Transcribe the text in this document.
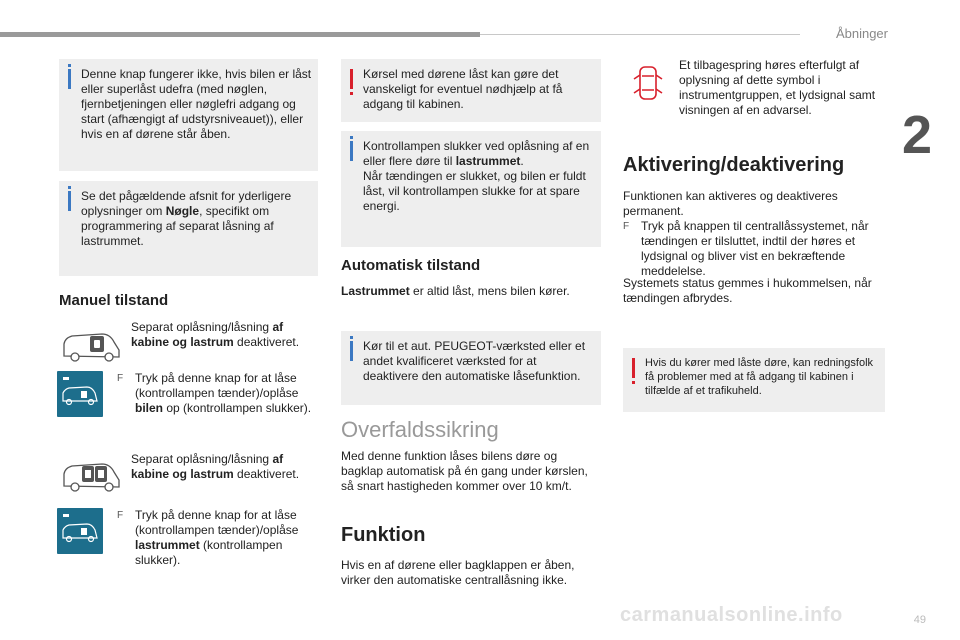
Åbninger
2
Denne knap fungerer ikke, hvis bilen er låst eller superlåst udefra (med nøglen, fjernbetjeningen eller nøglefri adgang og start (afhængigt af udstyrsniveauet)), eller hvis en af dørene står åben.
Se det pågældende afsnit for yderligere oplysninger om Nøgle, specifikt om programmering af separat låsning af lastrummet.
Manuel tilstand
Separat oplåsning/låsning af kabine og lastrum deaktiveret.
F Tryk på denne knap for at låse (kontrollampen tænder)/oplåse bilen op (kontrollampen slukker).
Separat oplåsning/låsning af kabine og lastrum deaktiveret.
F Tryk på denne knap for at låse (kontrollampen tænder)/oplåse lastrummet (kontrollampen slukker).
Kørsel med dørene låst kan gøre det vanskeligt for eventuel nødhjælp at få adgang til kabinen.
Kontrollampen slukker ved oplåsning af en eller flere døre til lastrummet.
Når tændingen er slukket, og bilen er fuldt låst, vil kontrollampen slukke for at spare energi.
Automatisk tilstand
Lastrummet er altid låst, mens bilen kører.
Kør til et aut. PEUGEOT-værksted eller et andet kvalificeret værksted for at deaktivere den automatiske låsefunktion.
Overfaldssikring
Med denne funktion låses bilens døre og bagklap automatisk på én gang under kørslen, så snart hastigheden kommer over 10 km/t.
Funktion
Hvis en af dørene eller bagklappen er åben, virker den automatiske centrallåsning ikke.
Et tilbagespring høres efterfulgt af oplysning af dette symbol i instrumentgruppen, et lydsignal samt visningen af en advarsel.
Aktivering/deaktivering
Funktionen kan aktiveres og deaktiveres permanent.
F Tryk på knappen til centrallåssystemet, når tændingen er tilsluttet, indtil der høres et lydsignal og bliver vist en bekræftende meddelelse.
Systemets status gemmes i hukommelsen, når tændingen afbrydes.
Hvis du kører med låste døre, kan redningsfolk få problemer med at få adgang til kabinen i tilfælde af et trafikuheld.
carmanualsonline.info	49
